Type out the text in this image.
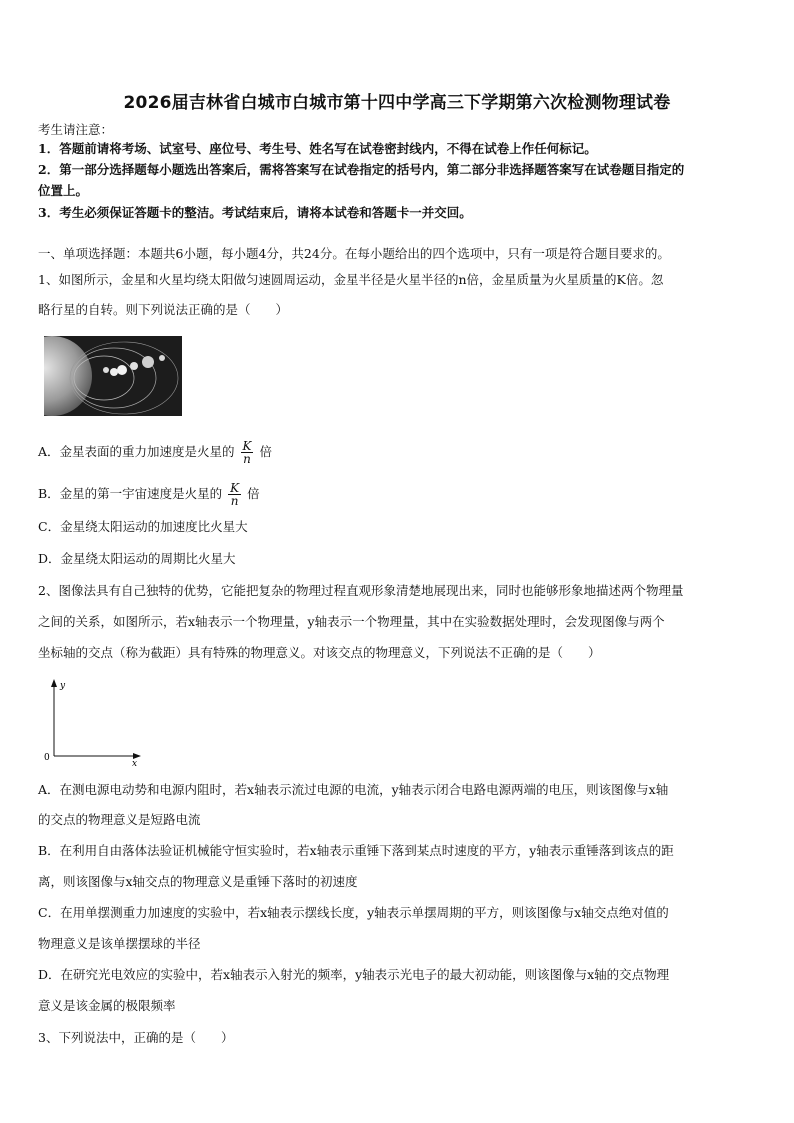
2026届吉林省白城市白城市第十四中学高三下学期第六次检测物理试卷
考生请注意：
1．答题前请将考场、试室号、座位号、考生号、姓名写在试卷密封线内，不得在试卷上作任何标记。
2．第一部分选择题每小题选出答案后，需将答案写在试卷指定的括号内，第二部分非选择题答案写在试卷题目指定的
位置上。
3．考生必须保证答题卡的整洁。考试结束后，请将本试卷和答题卡一并交回。
一、单项选择题：本题共6小题，每小题4分，共24分。在每小题给出的四个选项中，只有一项是符合题目要求的。
1、如图所示，金星和火星均绕太阳做匀速圆周运动，金星半径是火星半径的n倍，金星质量为火星质量的K倍。忽
略行星的自转。则下列说法正确的是（　　）
A．金星表面的重力加速度是火星的 $\frac{K}{n}$ 倍
B．金星的第一宇宙速度是火星的 $\frac{K}{n}$ 倍
C．金星绕太阳运动的加速度比火星大
D．金星绕太阳运动的周期比火星大
2、图像法具有自己独特的优势，它能把复杂的物理过程直观形象清楚地展现出来，同时也能够形象地描述两个物理量
之间的关系，如图所示，若x轴表示一个物理量，y轴表示一个物理量，其中在实验数据处理时，会发现图像与两个
坐标轴的交点（称为截距）具有特殊的物理意义。对该交点的物理意义，下列说法不正确的是（　　）
y
x
0
A．在测电源电动势和电源内阻时，若x轴表示流过电源的电流，y轴表示闭合电路电源两端的电压，则该图像与x轴
的交点的物理意义是短路电流
B．在利用自由落体法验证机械能守恒实验时，若x轴表示重锤下落到某点时速度的平方，y轴表示重锤落到该点的距
离，则该图像与x轴交点的物理意义是重锤下落时的初速度
C．在用单摆测重力加速度的实验中，若x轴表示摆线长度，y轴表示单摆周期的平方，则该图像与x轴交点绝对值的
物理意义是该单摆摆球的半径
D．在研究光电效应的实验中，若x轴表示入射光的频率，y轴表示光电子的最大初动能，则该图像与x轴的交点物理
意义是该金属的极限频率
3、下列说法中，正确的是（　　）
